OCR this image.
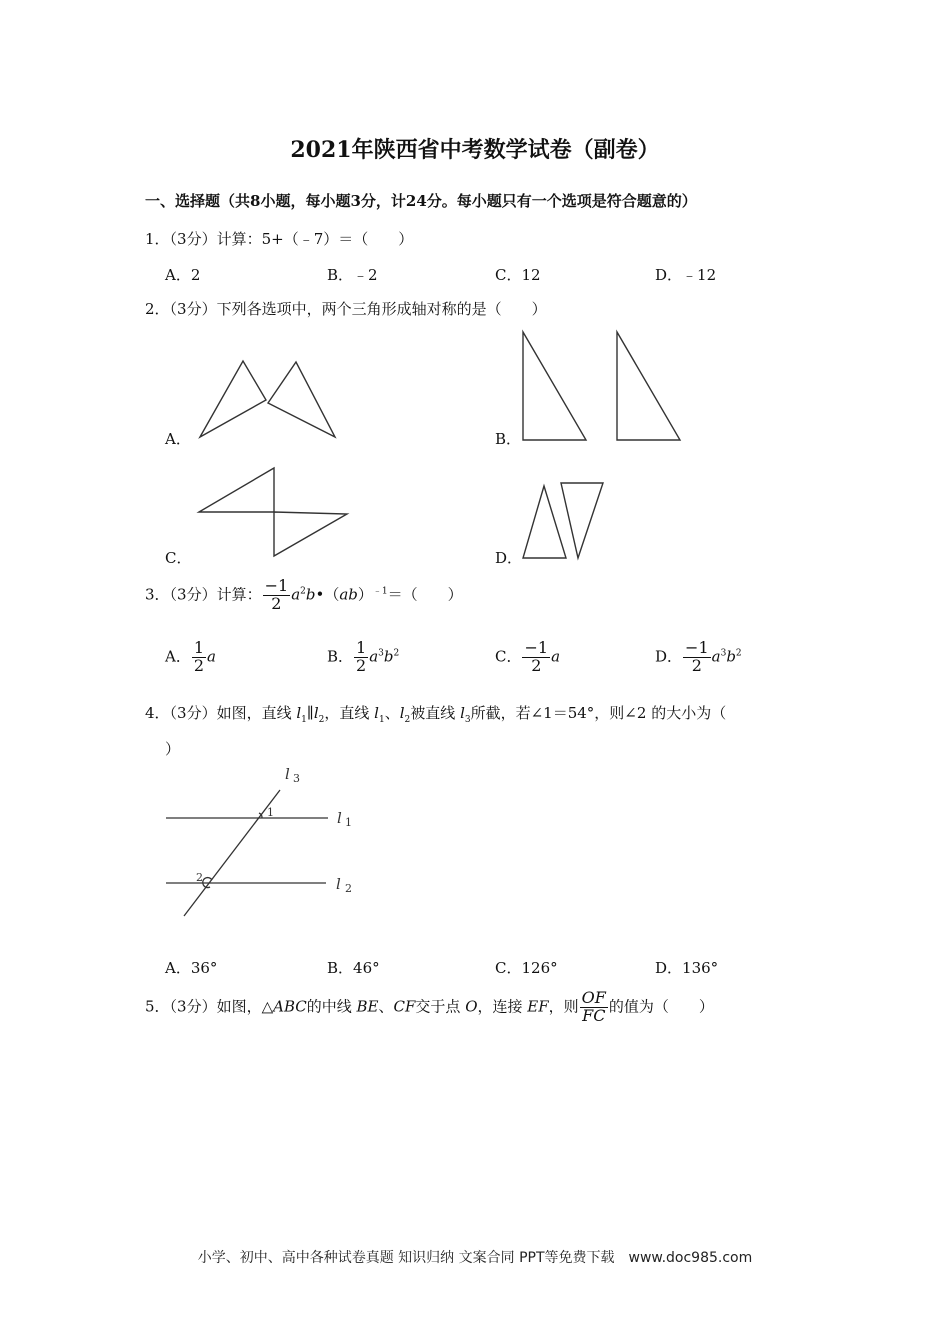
2021年陕西省中考数学试卷（副卷）
一、选择题（共8小题，每小题3分，计24分。每小题只有一个选项是符合题意的）
1．（3分）计算：5+（﹣7）＝（　　）
A．2	B．﹣2	C．12	D．﹣12
2．（3分）下列各选项中，两个三角形成轴对称的是（　　）
A．	B．
C．	D．
3．（3分）计算： $\frac{-1}{2}$ $a^2b•(ab)^{﹣1}=$（　　）
A． $\frac{1}{2}$ a	B． $\frac{1}{2} a^3b^2$	C． $\frac{-1}{2}$ a	D． $\frac{-1}{2} a^3b^2$
4．（3分）如图，直线 $l_1\parallel l_2$，直线 $l_1$、$l_2$被直线 $l_3$所截，若∠1＝54°，则∠2 的大小为（
）
l 3
l 1
l 2
1
2
A．36°	B．46°	C．126°	D．136°
5．（3分）如图，△ABC的中线 BE、CF交于点 O，连接 EF，则 $\frac{OF}{FC}$ 的值为（　　）
小学、初中、高中各种试卷真题 知识归纳 文案合同 PPT等免费下载　www.doc985.com
